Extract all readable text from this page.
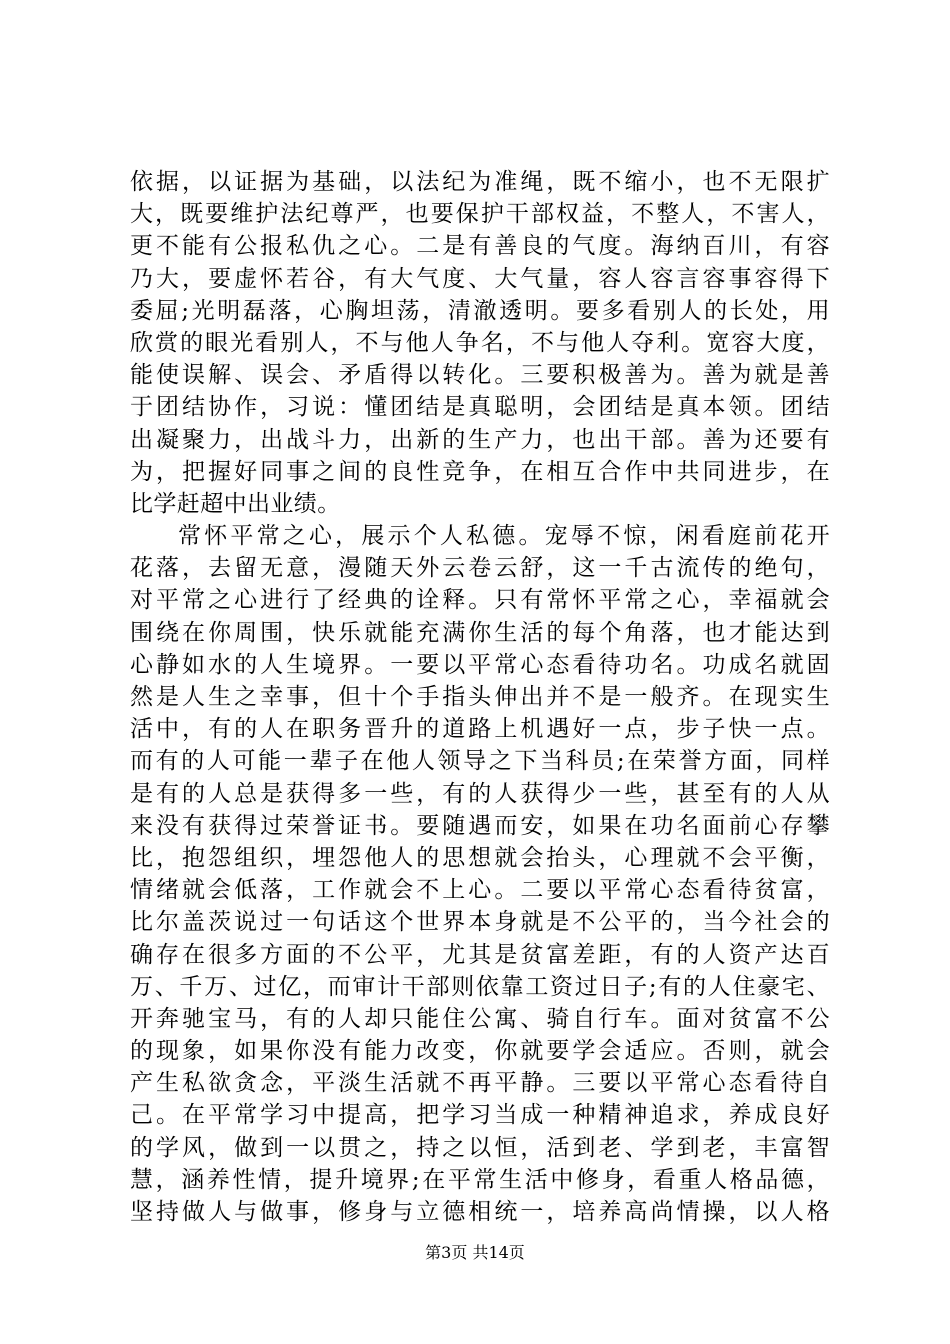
依据，以证据为基础，以法纪为准绳，既不缩小，也不无限扩
大，既要维护法纪尊严，也要保护干部权益，不整人，不害人，
更不能有公报私仇之心。二是有善良的气度。海纳百川，有容
乃大，要虚怀若谷，有大气度、大气量，容人容言容事容得下
委屈;光明磊落，心胸坦荡，清澈透明。要多看别人的长处，用
欣赏的眼光看别人，不与他人争名，不与他人夺利。宽容大度，
能使误解、误会、矛盾得以转化。三要积极善为。善为就是善
于团结协作，习说：懂团结是真聪明，会团结是真本领。团结
出凝聚力，出战斗力，出新的生产力，也出干部。善为还要有
为，把握好同事之间的良性竞争，在相互合作中共同进步，在
比学赶超中出业绩。
常怀平常之心，展示个人私德。宠辱不惊，闲看庭前花开
花落，去留无意，漫随天外云卷云舒，这一千古流传的绝句，
对平常之心进行了经典的诠释。只有常怀平常之心，幸福就会
围绕在你周围，快乐就能充满你生活的每个角落，也才能达到
心静如水的人生境界。一要以平常心态看待功名。功成名就固
然是人生之幸事，但十个手指头伸出并不是一般齐。在现实生
活中，有的人在职务晋升的道路上机遇好一点，步子快一点。
而有的人可能一辈子在他人领导之下当科员;在荣誉方面，同样
是有的人总是获得多一些，有的人获得少一些，甚至有的人从
来没有获得过荣誉证书。要随遇而安，如果在功名面前心存攀
比，抱怨组织，埋怨他人的思想就会抬头，心理就不会平衡，
情绪就会低落，工作就会不上心。二要以平常心态看待贫富，
比尔盖茨说过一句话这个世界本身就是不公平的，当今社会的
确存在很多方面的不公平，尤其是贫富差距，有的人资产达百
万、千万、过亿，而审计干部则依靠工资过日子;有的人住豪宅、
开奔驰宝马，有的人却只能住公寓、骑自行车。面对贫富不公
的现象，如果你没有能力改变，你就要学会适应。否则，就会
产生私欲贪念，平淡生活就不再平静。三要以平常心态看待自
己。在平常学习中提高，把学习当成一种精神追求，养成良好
的学风，做到一以贯之，持之以恒，活到老、学到老，丰富智
慧，涵养性情，提升境界;在平常生活中修身，看重人格品德，
坚持做人与做事，修身与立德相统一，培养高尚情操，以人格
第3页 共14页
